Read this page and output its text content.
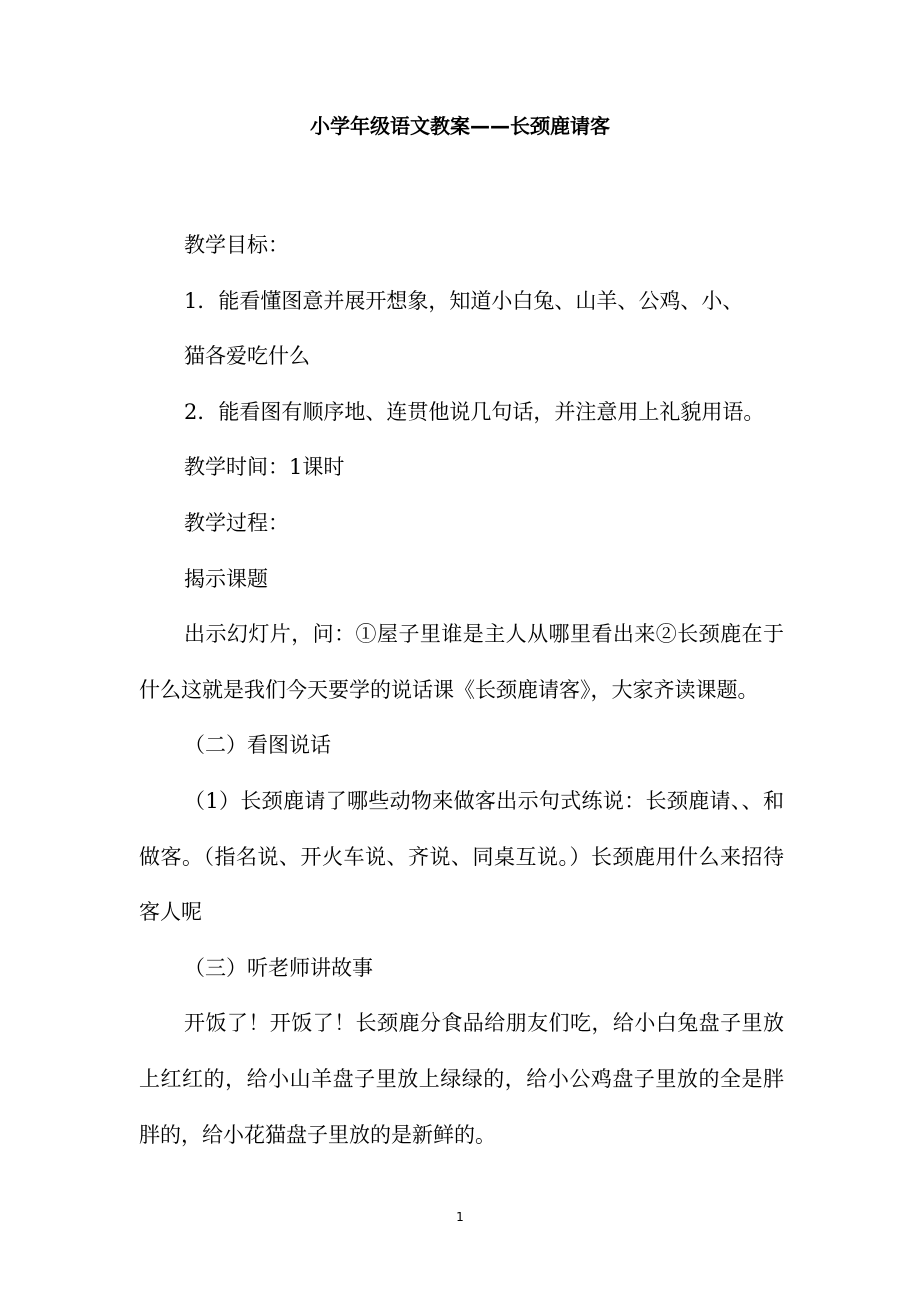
小学年级语文教案——长颈鹿请客

教学目标：

1．能看懂图意并展开想象，知道小白兔、山羊、公鸡、小、

猫各爱吃什么

2．能看图有顺序地、连贯他说几句话，并注意用上礼貌用语。

教学时间：1课时

教学过程：

揭示课题

出示幻灯片，问：①屋子里谁是主人从哪里看出来②长颈鹿在于什么这就是我们今天要学的说话课《长颈鹿请客》，大家齐读课题。

（二）看图说话

（1）长颈鹿请了哪些动物来做客出示句式练说：长颈鹿请、、和做客。（指名说、开火车说、齐说、同桌互说。）长颈鹿用什么来招待客人呢

（三）听老师讲故事

开饭了！开饭了！长颈鹿分食品给朋友们吃，给小白兔盘子里放上红红的，给小山羊盘子里放上绿绿的，给小公鸡盘子里放的全是胖胖的，给小花猫盘子里放的是新鲜的。

1
